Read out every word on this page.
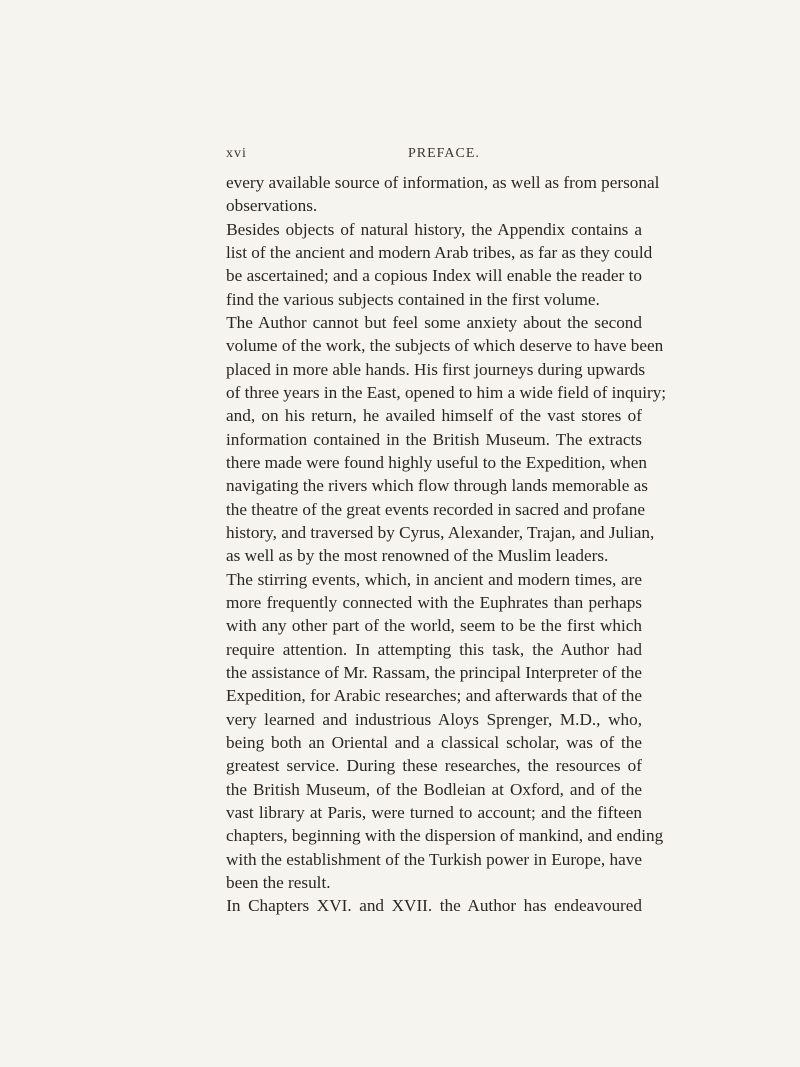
xvi	PREFACE.
every available source of information, as well as from personal
observations.
Besides objects of natural history, the Appendix contains a
list of the ancient and modern Arab tribes, as far as they could
be ascertained; and a copious Index will enable the reader to
find the various subjects contained in the first volume.
The Author cannot but feel some anxiety about the second
volume of the work, the subjects of which deserve to have been
placed in more able hands. His first journeys during upwards
of three years in the East, opened to him a wide field of inquiry;
and, on his return, he availed himself of the vast stores of
information contained in the British Museum. The extracts
there made were found highly useful to the Expedition, when
navigating the rivers which flow through lands memorable as
the theatre of the great events recorded in sacred and profane
history, and traversed by Cyrus, Alexander, Trajan, and Julian,
as well as by the most renowned of the Muslim leaders.
The stirring events, which, in ancient and modern times, are
more frequently connected with the Euphrates than perhaps
with any other part of the world, seem to be the first which
require attention. In attempting this task, the Author had
the assistance of Mr. Rassam, the principal Interpreter of the
Expedition, for Arabic researches; and afterwards that of the
very learned and industrious Aloys Sprenger, M.D., who,
being both an Oriental and a classical scholar, was of the
greatest service. During these researches, the resources of
the British Museum, of the Bodleian at Oxford, and of the
vast library at Paris, were turned to account; and the fifteen
chapters, beginning with the dispersion of mankind, and ending
with the establishment of the Turkish power in Europe, have
been the result.
In Chapters XVI. and XVII. the Author has endeavoured
